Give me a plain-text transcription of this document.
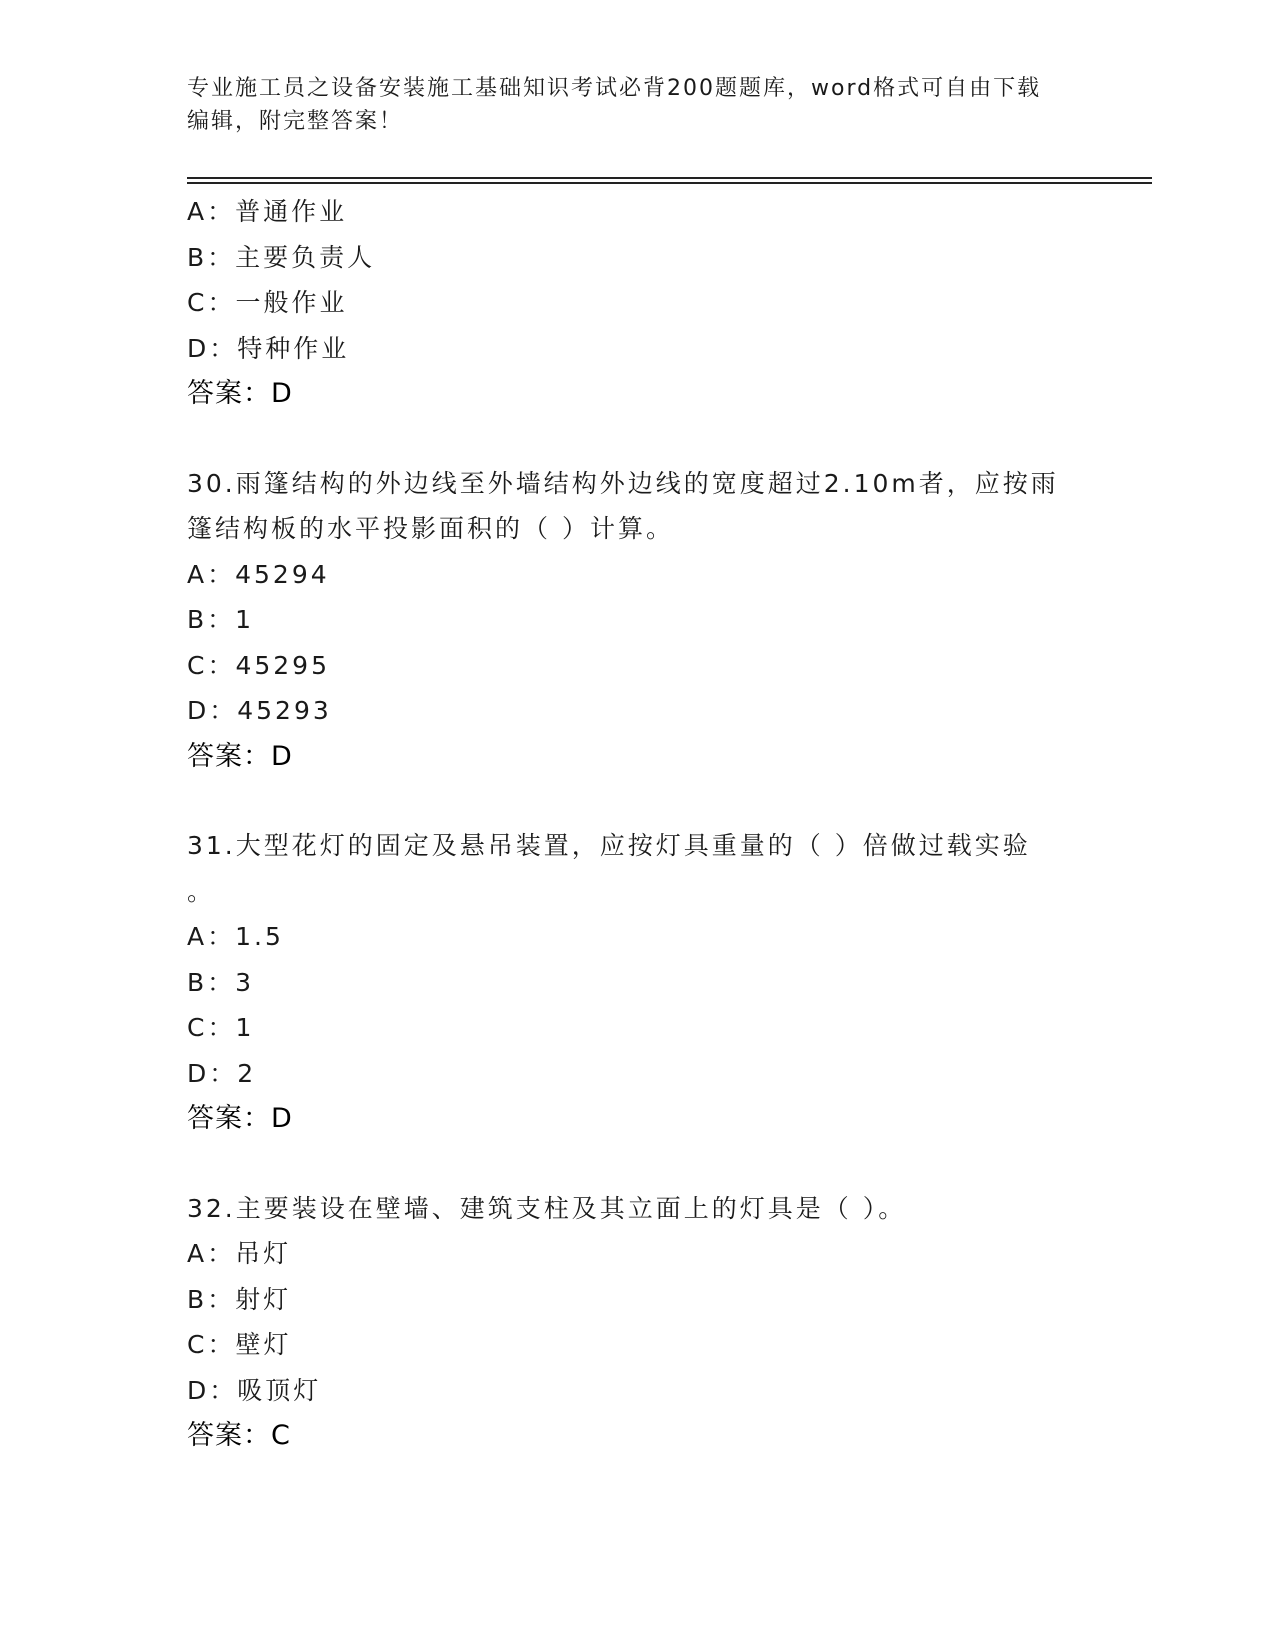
专业施工员之设备安装施工基础知识考试必背200题题库，word格式可自由下载
编辑，附完整答案！
A：普通作业
B：主要负责人
C：一般作业
D：特种作业
答案：D
30.雨篷结构的外边线至外墙结构外边线的宽度超过2.10m者，应按雨
篷结构板的水平投影面积的（ ）计算。
A：45294
B：1
C：45295
D：45293
答案：D
31.大型花灯的固定及悬吊装置，应按灯具重量的（ ）倍做过载实验
。
A：1.5
B：3
C：1
D：2
答案：D
32.主要装设在壁墙、建筑支柱及其立面上的灯具是（ ）。
A：吊灯
B：射灯
C：壁灯
D：吸顶灯
答案：C
